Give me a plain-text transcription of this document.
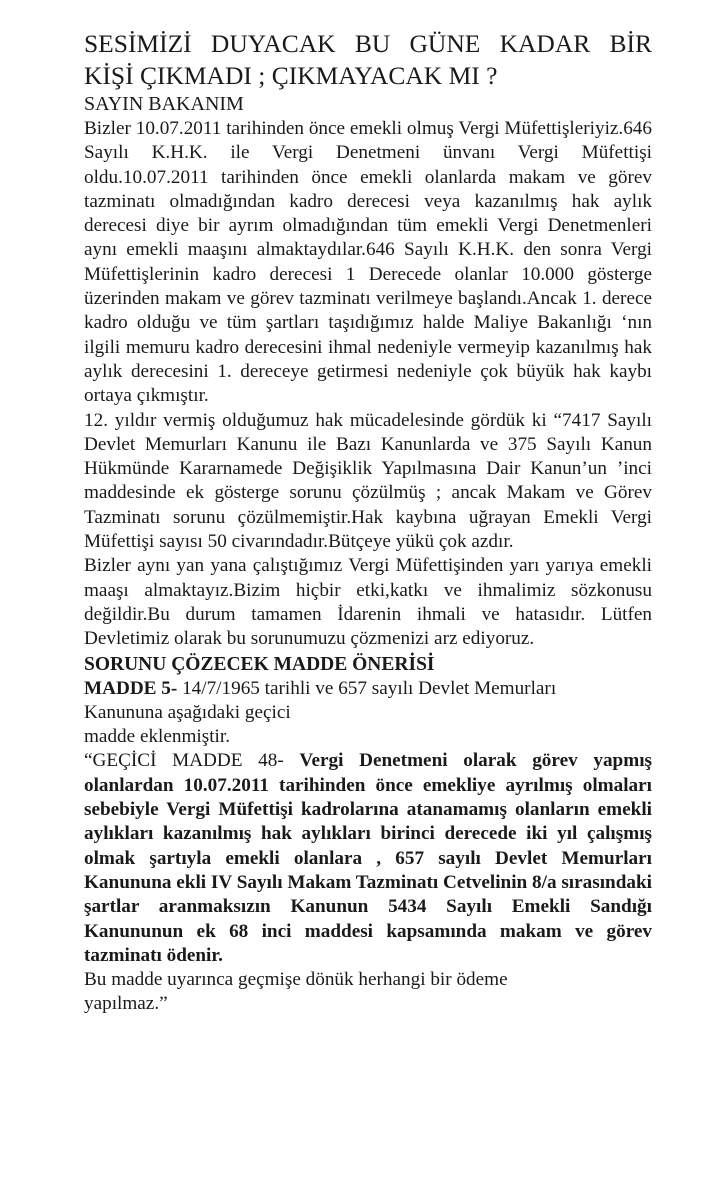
SESİMİZİ DUYACAK BU GÜNE KADAR BİR
KİŞİ ÇIKMADI ; ÇIKMAYACAK MI ?

SAYIN BAKANIM

Bizler 10.07.2011 tarihinden önce emekli olmuş Vergi Müfettişleriyiz.646 Sayılı K.H.K. ile Vergi Denetmeni ünvanı Vergi Müfettişi oldu.10.07.2011 tarihinden önce emekli olanlarda makam ve görev tazminatı olmadığından kadro derecesi veya kazanılmış hak aylık derecesi diye bir ayrım olmadığından tüm emekli Vergi Denetmenleri aynı emekli maaşını almaktaydılar.646 Sayılı K.H.K. den sonra Vergi Müfettişlerinin kadro derecesi 1 Derecede olanlar 10.000 gösterge üzerinden makam ve görev tazminatı verilmeye başlandı.Ancak 1. derece kadro olduğu ve tüm şartları taşıdığımız halde Maliye Bakanlığı ‘nın ilgili memuru kadro derecesini ihmal nedeniyle vermeyip kazanılmış hak aylık derecesini 1. dereceye getirmesi nedeniyle çok büyük hak kaybı ortaya çıkmıştır.

12. yıldır vermiş olduğumuz hak mücadelesinde gördük ki “7417 Sayılı Devlet Memurları Kanunu ile Bazı Kanunlarda ve 375 Sayılı Kanun Hükmünde Kararnamede Değişiklik Yapılmasına Dair Kanun’un ’inci maddesinde ek gösterge sorunu çözülmüş ; ancak Makam ve Görev Tazminatı sorunu çözülmemiştir.Hak kaybına uğrayan Emekli Vergi Müfettişi sayısı 50 civarındadır.Bütçeye yükü çok azdır.

Bizler aynı yan yana çalıştığımız Vergi Müfettişinden yarı yarıya emekli maaşı almaktayız.Bizim hiçbir etki,katkı ve ihmalimiz sözkonusu değildir.Bu durum tamamen İdarenin ihmali ve hatasıdır. Lütfen Devletimiz olarak bu sorunumuzu çözmenizi arz ediyoruz.

SORUNU ÇÖZECEK MADDE ÖNERİSİ

MADDE 5- 14/7/1965 tarihli ve 657 sayılı Devlet Memurları
Kanununa aşağıdaki geçici
madde eklenmiştir.

“GEÇİCİ MADDE 48- Vergi Denetmeni olarak görev yapmış olanlardan 10.07.2011 tarihinden önce emekliye ayrılmış olmaları sebebiyle Vergi Müfettişi kadrolarına atanamamış olanların emekli aylıkları kazanılmış hak aylıkları birinci derecede iki yıl çalışmış olmak şartıyla emekli olanlara , 657 sayılı Devlet Memurları Kanununa ekli IV Sayılı Makam Tazminatı Cetvelinin 8/a sırasındaki şartlar aranmaksızın Kanunun 5434 Sayılı Emekli Sandığı Kanununun ek 68 inci maddesi kapsamında makam ve görev tazminatı ödenir.

Bu madde uyarınca geçmişe dönük herhangi bir ödeme
yapılmaz.”
